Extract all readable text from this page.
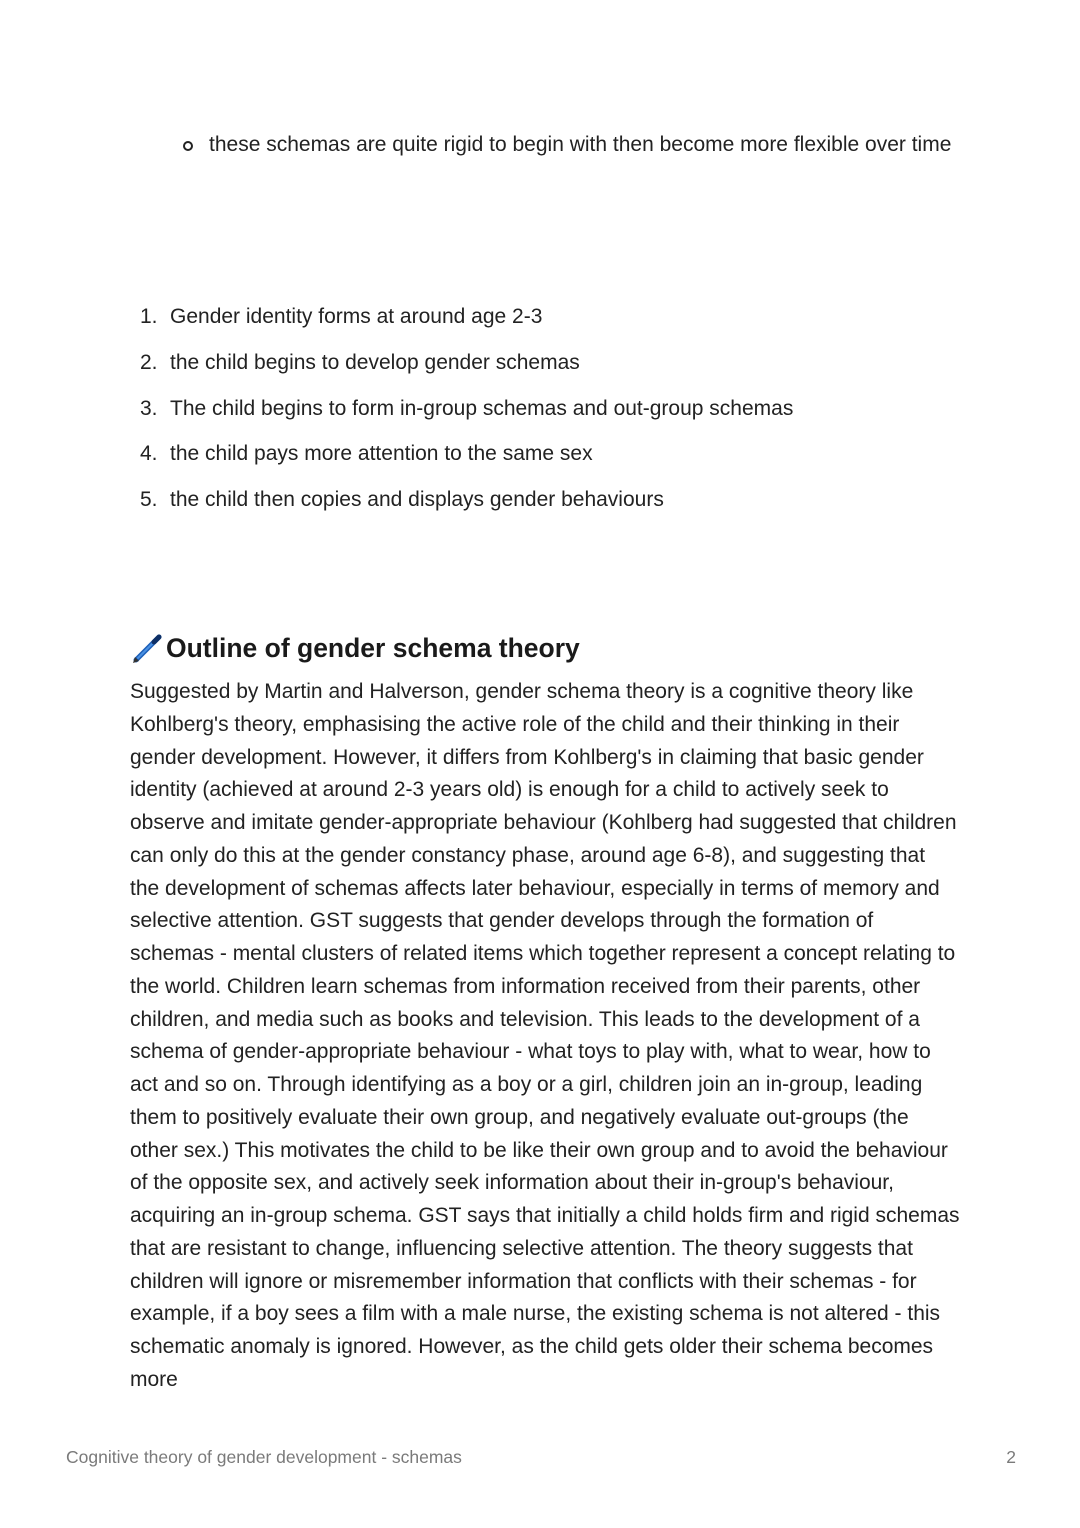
these schemas are quite rigid to begin with then become more flexible over time
1. Gender identity forms at around age 2-3
2. the child begins to develop gender schemas
3. The child begins to form in-group schemas and out-group schemas
4. the child pays more attention to the same sex
5. the child then copies and displays gender behaviours
Outline of gender schema theory

Suggested by Martin and Halverson, gender schema theory is a cognitive theory like Kohlberg's theory, emphasising the active role of the child and their thinking in their gender development. However, it differs from Kohlberg's in claiming that basic gender identity (achieved at around 2-3 years old) is enough for a child to actively seek to observe and imitate gender-appropriate behaviour (Kohlberg had suggested that children can only do this at the gender constancy phase, around age 6-8), and suggesting that the development of schemas affects later behaviour, especially in terms of memory and selective attention. GST suggests that gender develops through the formation of schemas - mental clusters of related items which together represent a concept relating to the world. Children learn schemas from information received from their parents, other children, and media such as books and television. This leads to the development of a schema of gender-appropriate behaviour - what toys to play with, what to wear, how to act and so on. Through identifying as a boy or a girl, children join an in-group, leading them to positively evaluate their own group, and negatively evaluate out-groups (the other sex.) This motivates the child to be like their own group and to avoid the behaviour of the opposite sex, and actively seek information about their in-group's behaviour, acquiring an in-group schema. GST says that initially a child holds firm and rigid schemas that are resistant to change, influencing selective attention. The theory suggests that children will ignore or misremember information that conflicts with their schemas - for example, if a boy sees a film with a male nurse, the existing schema is not altered - this schematic anomaly is ignored. However, as the child gets older their schema becomes more

Cognitive theory of gender development - schemas	2
